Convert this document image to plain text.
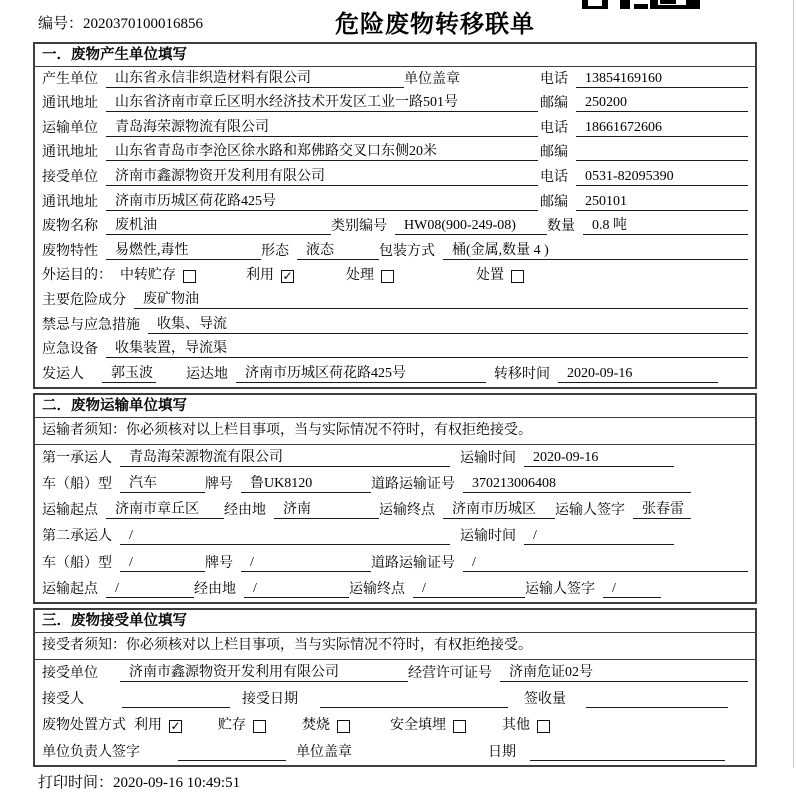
编号：2020370100016856	危险废物转移联单
一．废物产生单位填写
产生单位	山东省永信非织造材料有限公司	单位盖章	电话	13854169160
通讯地址	山东省济南市章丘区明水经济技术开发区工业一路501号	邮编	250200
运输单位	青岛海荣源物流有限公司	电话	18661672606
通讯地址	山东省青岛市李沧区徐水路和郑佛路交叉口东侧20米	邮编
接受单位	济南市鑫源物资开发利用有限公司	电话	0531-82095390
通讯地址	济南市历城区荷花路425号	邮编	250101
废物名称	废机油	类别编号	HW08(900-249-08)	数量	0.8 吨
废物特性	易燃性,毒性	形态	液态	包装方式	桶(金属,数量 4 )
外运目的： 中转贮存	利用 ✓	处理	处置
主要危险成分	废矿物油
禁忌与应急措施	收集、导流
应急设备	收集装置，导流渠
发运人	郭玉波 运达地	济南市历城区荷花路425号	转移时间	2020-09-16
二．废物运输单位填写
运输者须知：你必须核对以上栏目事项，当与实际情况不符时，有权拒绝接受。
第一承运人	青岛海荣源物流有限公司	运输时间	2020-09-16
车（船）型	汽车	牌号	鲁UK8120	道路运输证号	370213006408
运输起点	济南市章丘区	经由地	济南	运输终点	济南市历城区	运输人签字	张春雷
第二承运人	/	运输时间	/
车（船）型	/	牌号	/	道路运输证号	/
运输起点	/	经由地	/	运输终点	/	运输人签字	/
三．废物接受单位填写
接受者须知：你必须核对以上栏目事项，当与实际情况不符时，有权拒绝接受。
接受单位	济南市鑫源物资开发利用有限公司	经营许可证号	济南危证02号
接受人	接受日期	签收量
废物处置方式 利用 ✓	贮存	焚烧	安全填埋	其他
单位负责人签字	单位盖章	日期
打印时间：2020-09-16 10:49:51
